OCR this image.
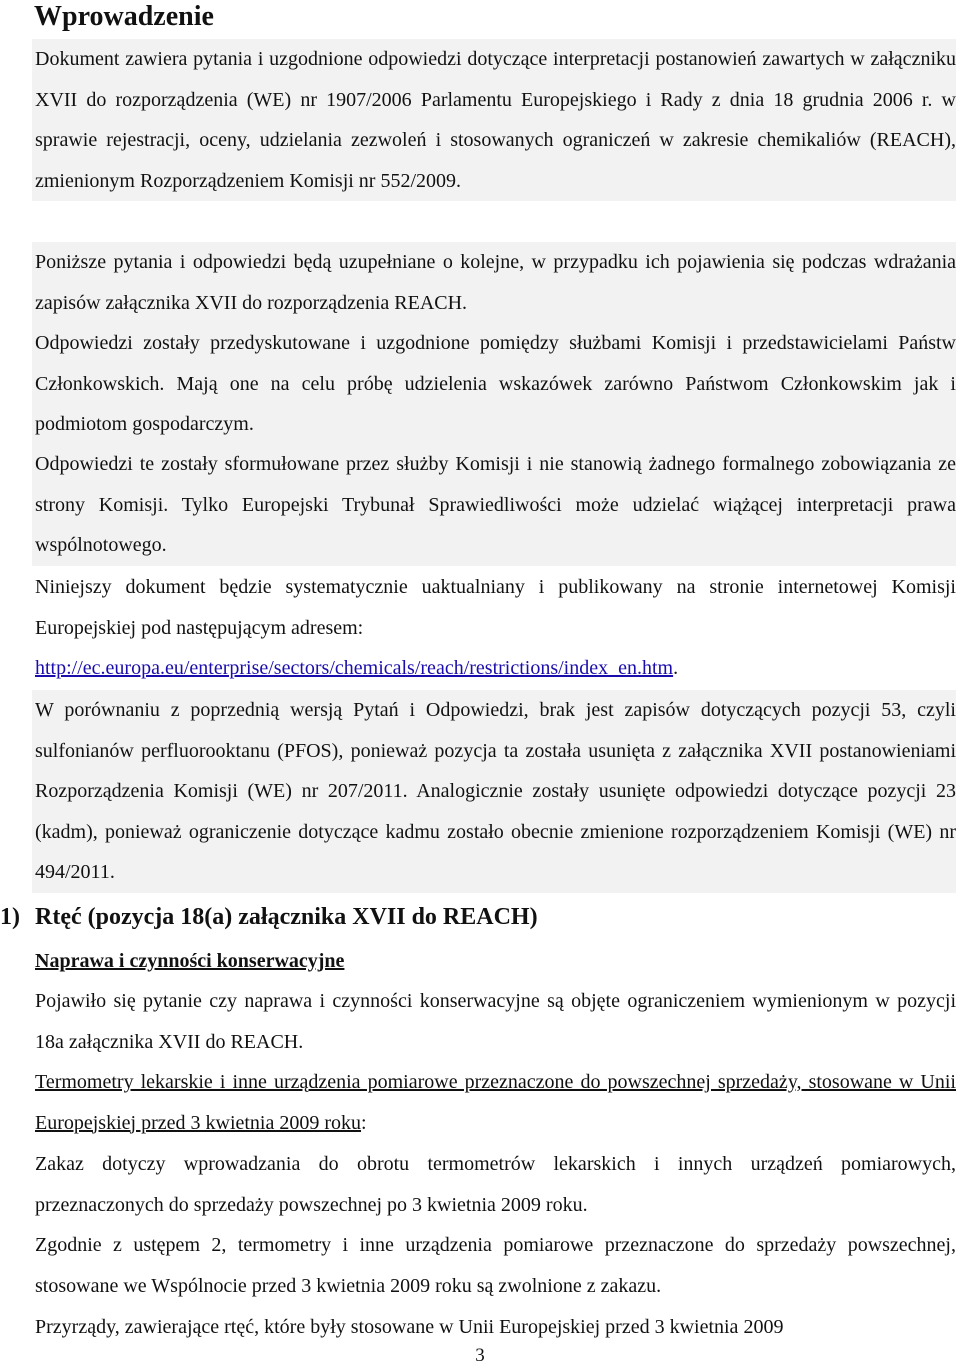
Wprowadzenie

Dokument zawiera pytania i uzgodnione odpowiedzi dotyczące interpretacji postanowień zawartych w załączniku XVII do rozporządzenia (WE) nr 1907/2006 Parlamentu Europejskiego i Rady z dnia 18 grudnia 2006 r. w sprawie rejestracji, oceny, udzielania zezwoleń i stosowanych ograniczeń w zakresie chemikaliów (REACH), zmienionym Rozporządzeniem Komisji nr 552/2009.

Poniższe pytania i odpowiedzi będą uzupełniane o kolejne, w przypadku ich pojawienia się podczas wdrażania zapisów załącznika XVII do rozporządzenia REACH.

Odpowiedzi zostały przedyskutowane i uzgodnione pomiędzy służbami Komisji i przedstawicielami Państw Członkowskich. Mają one na celu próbę udzielenia wskazówek zarówno Państwom Członkowskim jak i podmiotom gospodarczym.

Odpowiedzi te zostały sformułowane przez służby Komisji i nie stanowią żadnego formalnego zobowiązania ze strony Komisji. Tylko Europejski Trybunał Sprawiedliwości może udzielać wiążącej interpretacji prawa wspólnotowego.

Niniejszy dokument będzie systematycznie uaktualniany i publikowany na stronie internetowej Komisji Europejskiej pod następującym adresem:
http://ec.europa.eu/enterprise/sectors/chemicals/reach/restrictions/index_en.htm.

W porównaniu z poprzednią wersją Pytań i Odpowiedzi, brak jest zapisów dotyczących pozycji 53, czyli sulfonianów perfluorooktanu (PFOS), ponieważ pozycja ta została usunięta z załącznika XVII postanowieniami Rozporządzenia Komisji (WE) nr 207/2011. Analogicznie zostały usunięte odpowiedzi dotyczące pozycji 23 (kadm), ponieważ ograniczenie dotyczące kadmu zostało obecnie zmienione rozporządzeniem Komisji (WE) nr 494/2011.

1) Rtęć (pozycja 18(a) załącznika XVII do REACH)

Naprawa i czynności konserwacyjne

Pojawiło się pytanie czy naprawa i czynności konserwacyjne są objęte ograniczeniem wymienionym w pozycji 18a załącznika XVII do REACH.

Termometry lekarskie i inne urządzenia pomiarowe przeznaczone do powszechnej sprzedaży, stosowane w Unii Europejskiej przed 3 kwietnia 2009 roku:

Zakaz dotyczy wprowadzania do obrotu termometrów lekarskich i innych urządzeń pomiarowych, przeznaczonych do sprzedaży powszechnej po 3 kwietnia 2009 roku.

Zgodnie z ustępem 2, termometry i inne urządzenia pomiarowe przeznaczone do sprzedaży powszechnej, stosowane we Wspólnocie przed 3 kwietnia 2009 roku są zwolnione z zakazu.

Przyrządy, zawierające rtęć, które były stosowane w Unii Europejskiej przed 3 kwietnia 2009

3
